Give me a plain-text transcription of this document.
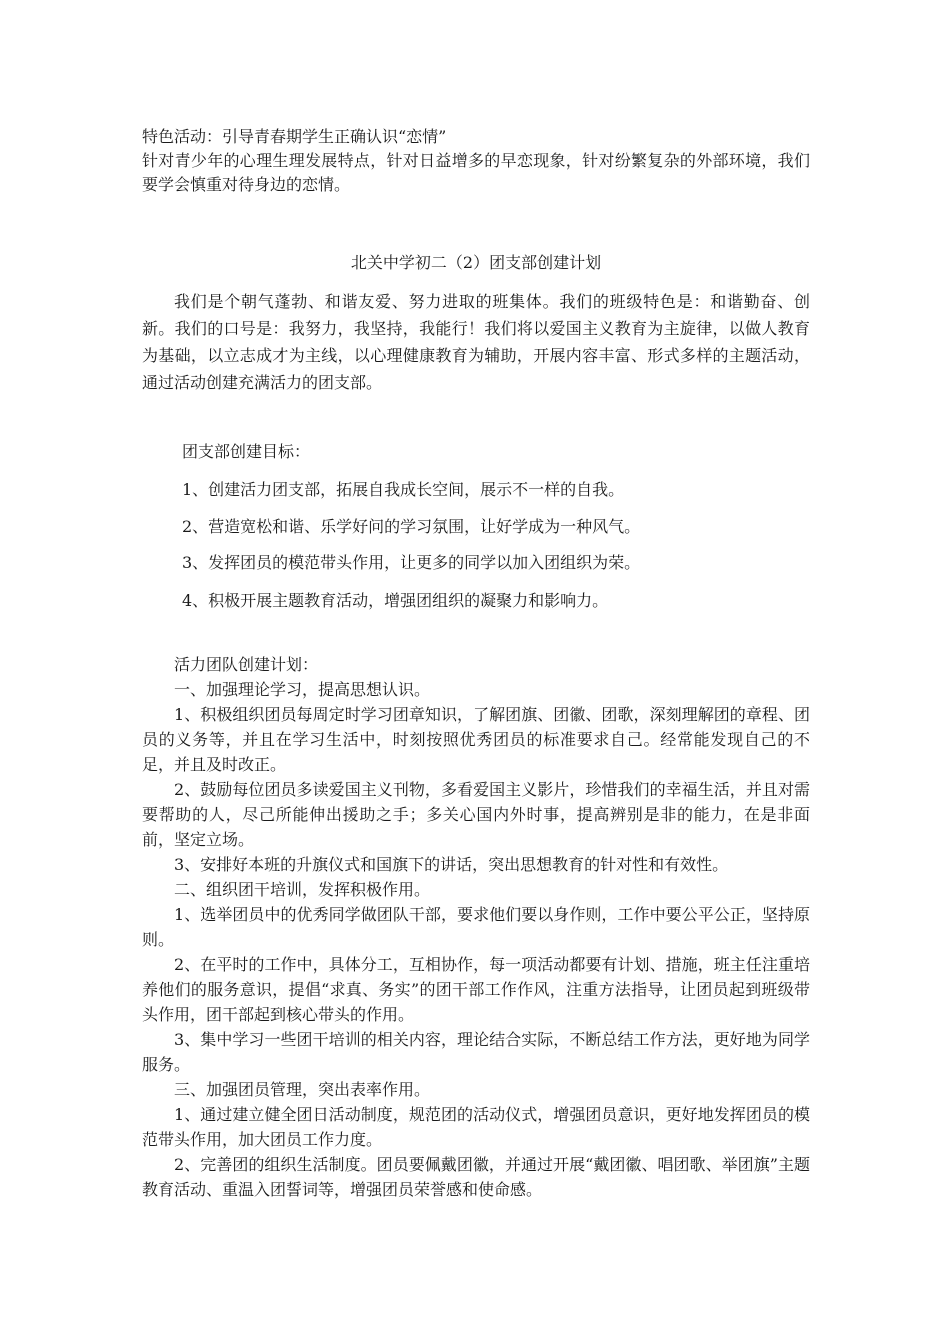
特色活动：引导青春期学生正确认识“恋情”

针对青少年的心理生理发展特点，针对日益增多的早恋现象，针对纷繁复杂的外部环境，我们要学会慎重对待身边的恋情。

北关中学初二（2）团支部创建计划

我们是个朝气蓬勃、和谐友爱、努力进取的班集体。我们的班级特色是：和谐勤奋、创新。我们的口号是：我努力，我坚持，我能行！我们将以爱国主义教育为主旋律，以做人教育为基础，以立志成才为主线，以心理健康教育为辅助，开展内容丰富、形式多样的主题活动，通过活动创建充满活力的团支部。

团支部创建目标：
1、创建活力团支部，拓展自我成长空间，展示不一样的自我。
2、营造宽松和谐、乐学好问的学习氛围，让好学成为一种风气。
3、发挥团员的模范带头作用，让更多的同学以加入团组织为荣。
4、积极开展主题教育活动，增强团组织的凝聚力和影响力。

活力团队创建计划：

一、加强理论学习，提高思想认识。

1、积极组织团员每周定时学习团章知识，了解团旗、团徽、团歌，深刻理解团的章程、团员的义务等，并且在学习生活中，时刻按照优秀团员的标准要求自己。经常能发现自己的不足，并且及时改正。

2、鼓励每位团员多读爱国主义刊物，多看爱国主义影片，珍惜我们的幸福生活，并且对需要帮助的人，尽己所能伸出援助之手；多关心国内外时事，提高辨别是非的能力，在是非面前，坚定立场。

3、安排好本班的升旗仪式和国旗下的讲话，突出思想教育的针对性和有效性。

二、组织团干培训，发挥积极作用。

1、选举团员中的优秀同学做团队干部，要求他们要以身作则，工作中要公平公正，坚持原则。

2、在平时的工作中，具体分工，互相协作，每一项活动都要有计划、措施，班主任注重培养他们的服务意识，提倡“求真、务实”的团干部工作作风，注重方法指导，让团员起到班级带头作用，团干部起到核心带头的作用。

3、集中学习一些团干培训的相关内容，理论结合实际，不断总结工作方法，更好地为同学服务。

三、加强团员管理，突出表率作用。

1、通过建立健全团日活动制度，规范团的活动仪式，增强团员意识，更好地发挥团员的模范带头作用，加大团员工作力度。

2、完善团的组织生活制度。团员要佩戴团徽，并通过开展“戴团徽、唱团歌、举团旗”主题教育活动、重温入团誓词等，增强团员荣誉感和使命感。
